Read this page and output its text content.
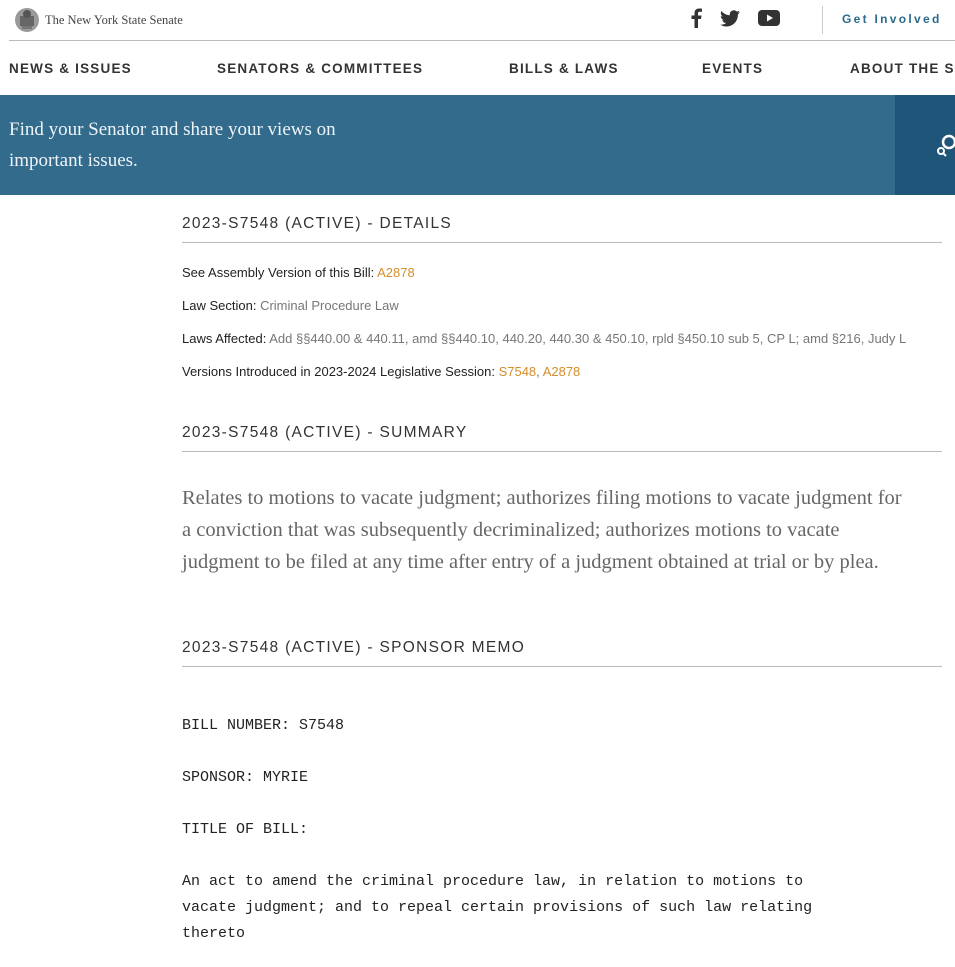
The New York State Senate	Get Involved
NEWS & ISSUES	SENATORS & COMMITTEES	BILLS & LAWS	EVENTS	ABOUT THE S
Find your Senator and share your views on important issues.
2023-S7548 (ACTIVE) - DETAILS
See Assembly Version of this Bill: A2878
Law Section: Criminal Procedure Law
Laws Affected: Add §§440.00 & 440.11, amd §§440.10, 440.20, 440.30 & 450.10, rpld §450.10 sub 5, CP L; amd §216, Judy L
Versions Introduced in 2023-2024 Legislative Session: S7548, A2878
2023-S7548 (ACTIVE) - SUMMARY
Relates to motions to vacate judgment; authorizes filing motions to vacate judgment for a conviction that was subsequently decriminalized; authorizes motions to vacate judgment to be filed at any time after entry of a judgment obtained at trial or by plea.
2023-S7548 (ACTIVE) - SPONSOR MEMO
BILL NUMBER: S7548
SPONSOR: MYRIE
TITLE OF BILL:
An act to amend the criminal procedure law, in relation to motions to
vacate judgment; and to repeal certain provisions of such law relating
thereto
